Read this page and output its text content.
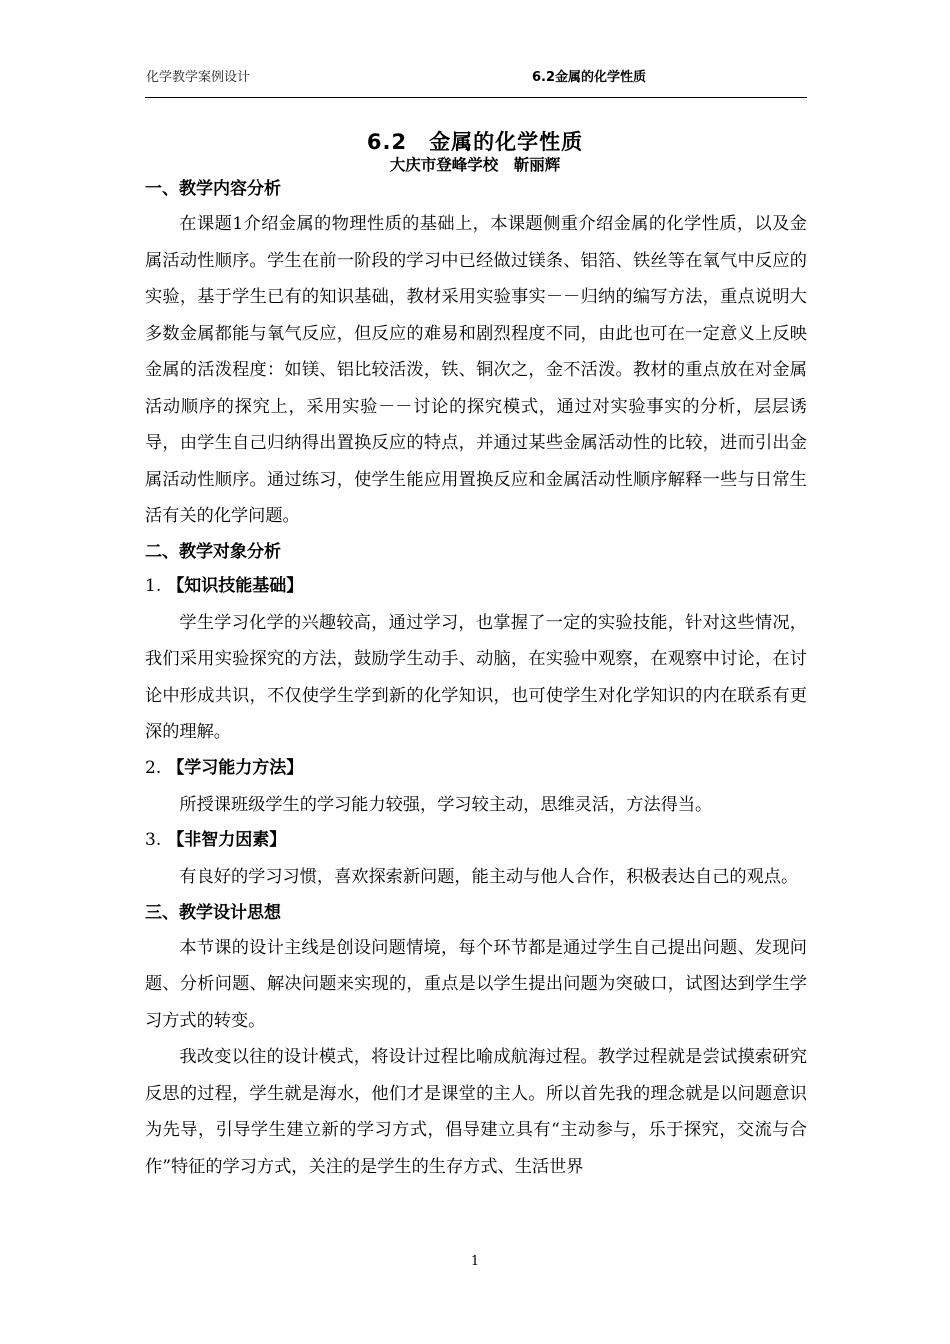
化学教学案例设计	6.2金属的化学性质
6.2　金属的化学性质
大庆市登峰学校　靳丽辉
一、教学内容分析

在课题1介绍金属的物理性质的基础上，本课题侧重介绍金属的化学性质，以及金属活动性顺序。学生在前一阶段的学习中已经做过镁条、铝箔、铁丝等在氧气中反应的实验，基于学生已有的知识基础，教材采用实验事实－－归纳的编写方法，重点说明大多数金属都能与氧气反应，但反应的难易和剧烈程度不同，由此也可在一定意义上反映金属的活泼程度：如镁、铝比较活泼，铁、铜次之，金不活泼。教材的重点放在对金属活动顺序的探究上，采用实验－－讨论的探究模式，通过对实验事实的分析，层层诱导，由学生自己归纳得出置换反应的特点，并通过某些金属活动性的比较，进而引出金属活动性顺序。通过练习，使学生能应用置换反应和金属活动性顺序解释一些与日常生活有关的化学问题。

二、教学对象分析
1. 【知识技能基础】

学生学习化学的兴趣较高，通过学习，也掌握了一定的实验技能，针对这些情况，我们采用实验探究的方法，鼓励学生动手、动脑，在实验中观察，在观察中讨论，在讨论中形成共识，不仅使学生学到新的化学知识，也可使学生对化学知识的内在联系有更深的理解。

2. 【学习能力方法】

所授课班级学生的学习能力较强，学习较主动，思维灵活，方法得当。

3. 【非智力因素】

有良好的学习习惯，喜欢探索新问题，能主动与他人合作，积极表达自己的观点。

三、教学设计思想

本节课的设计主线是创设问题情境，每个环节都是通过学生自己提出问题、发现问题、分析问题、解决问题来实现的，重点是以学生提出问题为突破口，试图达到学生学习方式的转变。

我改变以往的设计模式，将设计过程比喻成航海过程。教学过程就是尝试摸索研究反思的过程，学生就是海水，他们才是课堂的主人。所以首先我的理念就是以问题意识为先导，引导学生建立新的学习方式，倡导建立具有“主动参与，乐于探究，交流与合作”特征的学习方式，关注的是学生的生存方式、生活世界

1
